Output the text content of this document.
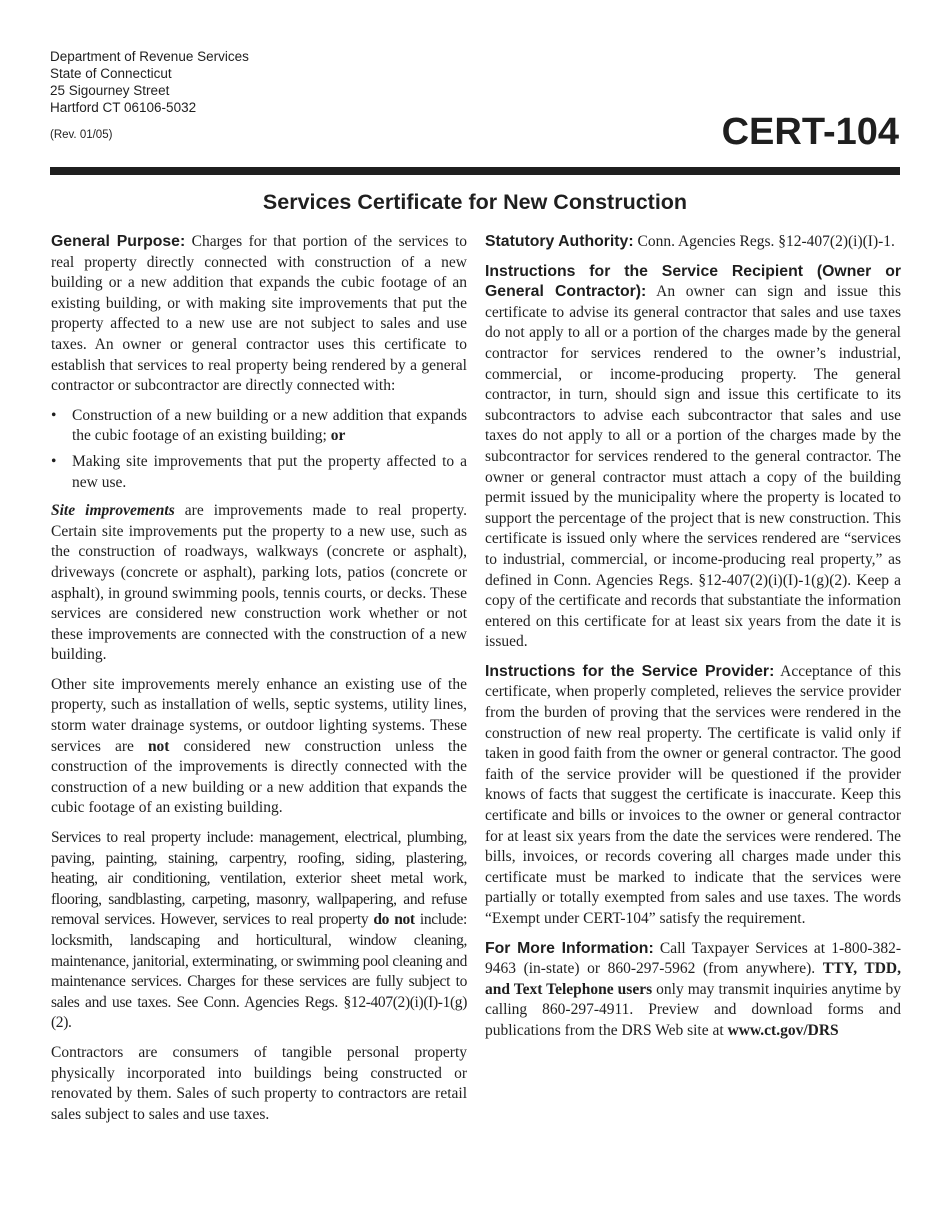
Department of Revenue Services
State of Connecticut
25 Sigourney Street
Hartford CT 06106-5032
(Rev. 01/05)	CERT-104
Services Certificate for New Construction

General Purpose: Charges for that portion of the services to real property directly connected with construction of a new building or a new addition that expands the cubic footage of an existing building, or with making site improvements that put the property affected to a new use are not subject to sales and use taxes. An owner or general contractor uses this certificate to establish that services to real property being rendered by a general contractor or subcontractor are directly connected with:

• Construction of a new building or a new addition that expands the cubic footage of an existing building; or
• Making site improvements that put the property affected to a new use.

Site improvements are improvements made to real property. Certain site improvements put the property to a new use, such as the construction of roadways, walkways (concrete or asphalt), driveways (concrete or asphalt), parking lots, patios (concrete or asphalt), in ground swimming pools, tennis courts, or decks. These services are considered new construction work whether or not these improvements are connected with the construction of a new building.

Other site improvements merely enhance an existing use of the property, such as installation of wells, septic systems, utility lines, storm water drainage systems, or outdoor lighting systems. These services are not considered new construction unless the construction of the improvements is directly connected with the construction of a new building or a new addition that expands the cubic footage of an existing building.

Services to real property include: management, electrical, plumbing, paving, painting, staining, carpentry, roofing, siding, plastering, heating, air conditioning, ventilation, exterior sheet metal work, flooring, sandblasting, carpeting, masonry, wallpapering, and refuse removal services. However, services to real property do not include: locksmith, landscaping and horticultural, window cleaning, maintenance, janitorial, exterminating, or swimming pool cleaning and maintenance services. Charges for these services are fully subject to sales and use taxes. See Conn. Agencies Regs. §12-407(2)(i)(I)-1(g)(2).

Contractors are consumers of tangible personal property physically incorporated into buildings being constructed or renovated by them. Sales of such property to contractors are retail sales subject to sales and use taxes.

Statutory Authority: Conn. Agencies Regs. §12-407(2)(i)(I)-1.

Instructions for the Service Recipient (Owner or General Contractor): An owner can sign and issue this certificate to advise its general contractor that sales and use taxes do not apply to all or a portion of the charges made by the general contractor for services rendered to the owner’s industrial, commercial, or income-producing property. The general contractor, in turn, should sign and issue this certificate to its subcontractors to advise each subcontractor that sales and use taxes do not apply to all or a portion of the charges made by the subcontractor for services rendered to the general contractor. The owner or general contractor must attach a copy of the building permit issued by the municipality where the property is located to support the percentage of the project that is new construction. This certificate is issued only where the services rendered are “services to industrial, commercial, or income-producing real property,” as defined in Conn. Agencies Regs. §12-407(2)(i)(I)-1(g)(2). Keep a copy of the certificate and records that substantiate the information entered on this certificate for at least six years from the date it is issued.

Instructions for the Service Provider: Acceptance of this certificate, when properly completed, relieves the service provider from the burden of proving that the services were rendered in the construction of new real property. The certificate is valid only if taken in good faith from the owner or general contractor. The good faith of the service provider will be questioned if the provider knows of facts that suggest the certificate is inaccurate. Keep this certificate and bills or invoices to the owner or general contractor for at least six years from the date the services were rendered. The bills, invoices, or records covering all charges made under this certificate must be marked to indicate that the services were partially or totally exempted from sales and use taxes. The words “Exempt under CERT-104” satisfy the requirement.

For More Information: Call Taxpayer Services at 1-800-382-9463 (in-state) or 860-297-5962 (from anywhere). TTY, TDD, and Text Telephone users only may transmit inquiries anytime by calling 860-297-4911. Preview and download forms and publications from the DRS Web site at www.ct.gov/DRS
